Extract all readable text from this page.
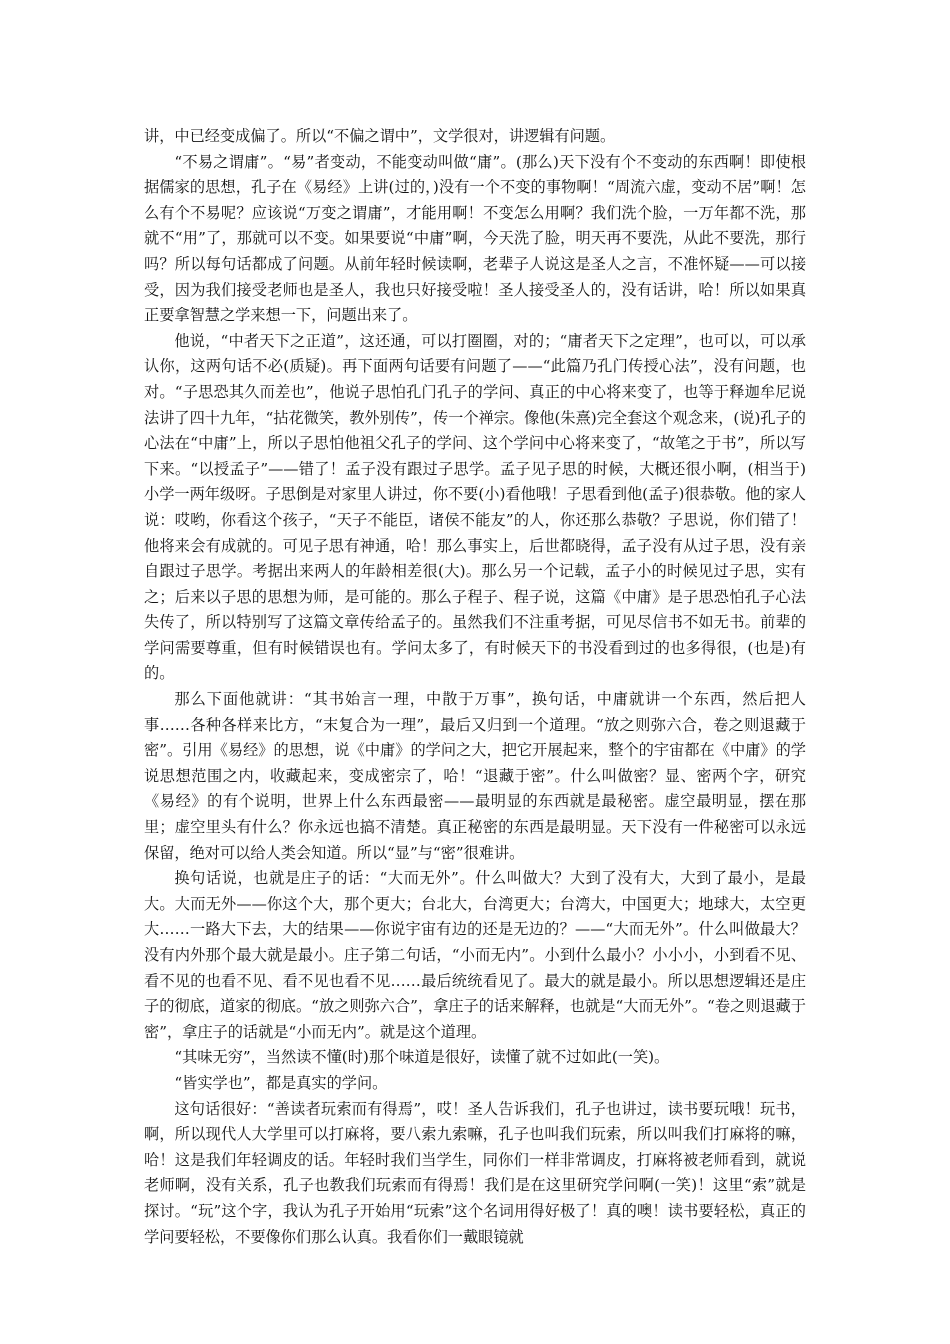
讲，中已经变成偏了。所以“不偏之谓中”，文学很对，讲逻辑有问题。

“不易之谓庸”。“易”者变动，不能变动叫做“庸”。(那么)天下没有个不变动的东西啊！即使根据儒家的思想，孔子在《易经》上讲(过的，)没有一个不变的事物啊！“周流六虚，变动不居”啊！怎么有个不易呢？应该说“万变之谓庸”，才能用啊！不变怎么用啊？我们洗个脸，一万年都不洗，那就不“用”了，那就可以不变。如果要说“中庸”啊，今天洗了脸，明天再不要洗，从此不要洗，那行吗？所以每句话都成了问题。从前年轻时候读啊，老辈子人说这是圣人之言，不准怀疑——可以接受，因为我们接受老师也是圣人，我也只好接受啦！圣人接受圣人的，没有话讲，哈！所以如果真正要拿智慧之学来想一下，问题出来了。

他说，“中者天下之正道”，这还通，可以打圈圈，对的；“庸者天下之定理”，也可以，可以承认你，这两句话不必(质疑)。再下面两句话要有问题了——“此篇乃孔门传授心法”，没有问题，也对。“子思恐其久而差也”，他说子思怕孔门孔子的学问、真正的中心将来变了，也等于释迦牟尼说法讲了四十九年，“拈花微笑，教外别传”，传一个禅宗。像他(朱熹)完全套这个观念来，(说)孔子的心法在“中庸”上，所以子思怕他祖父孔子的学问、这个学问中心将来变了，“故笔之于书”，所以写下来。“以授孟子”——错了！孟子没有跟过子思学。孟子见子思的时候，大概还很小啊，(相当于)小学一两年级呀。子思倒是对家里人讲过，你不要(小)看他哦！子思看到他(孟子)很恭敬。他的家人说：哎哟，你看这个孩子，“天子不能臣，诸侯不能友”的人，你还那么恭敬？子思说，你们错了！他将来会有成就的。可见子思有神通，哈！那么事实上，后世都晓得，孟子没有从过子思，没有亲自跟过子思学。考据出来两人的年龄相差很(大)。那么另一个记载，孟子小的时候见过子思，实有之；后来以子思的思想为师，是可能的。那么子程子、程子说，这篇《中庸》是子思恐怕孔子心法失传了，所以特别写了这篇文章传给孟子的。虽然我们不注重考据，可见尽信书不如无书。前辈的学问需要尊重，但有时候错误也有。学问太多了，有时候天下的书没看到过的也多得很，(也是)有的。

那么下面他就讲：“其书始言一理，中散于万事”，换句话，中庸就讲一个东西，然后把人事……各种各样来比方，“末复合为一理”，最后又归到一个道理。“放之则弥六合，卷之则退藏于密”。引用《易经》的思想，说《中庸》的学问之大，把它开展起来，整个的宇宙都在《中庸》的学说思想范围之内，收藏起来，变成密宗了，哈！“退藏于密”。什么叫做密？显、密两个字，研究《易经》的有个说明，世界上什么东西最密——最明显的东西就是最秘密。虚空最明显，摆在那里；虚空里头有什么？你永远也搞不清楚。真正秘密的东西是最明显。天下没有一件秘密可以永远保留，绝对可以给人类会知道。所以“显”与“密”很难讲。

换句话说，也就是庄子的话：“大而无外”。什么叫做大？大到了没有大，大到了最小，是最大。大而无外——你这个大，那个更大；台北大，台湾更大；台湾大，中国更大；地球大，太空更大……一路大下去，大的结果——你说宇宙有边的还是无边的？——“大而无外”。什么叫做最大？没有内外那个最大就是最小。庄子第二句话，“小而无内”。小到什么最小？小小小，小到看不见、看不见的也看不见、看不见也看不见……最后统统看见了。最大的就是最小。所以思想逻辑还是庄子的彻底，道家的彻底。“放之则弥六合”，拿庄子的话来解释，也就是“大而无外”。“卷之则退藏于密”，拿庄子的话就是“小而无内”。就是这个道理。

“其味无穷”，当然读不懂(时)那个味道是很好，读懂了就不过如此(一笑)。

“皆实学也”，都是真实的学问。

这句话很好：“善读者玩索而有得焉”，哎！圣人告诉我们，孔子也讲过，读书要玩哦！玩书，啊，所以现代人大学里可以打麻将，要八索九索嘛，孔子也叫我们玩索，所以叫我们打麻将的嘛，哈！这是我们年轻调皮的话。年轻时我们当学生，同你们一样非常调皮，打麻将被老师看到，就说老师啊，没有关系，孔子也教我们玩索而有得焉！我们是在这里研究学问啊(一笑)！这里“索”就是探讨。“玩”这个字，我认为孔子开始用“玩索”这个名词用得好极了！真的噢！读书要轻松，真正的学问要轻松，不要像你们那么认真。我看你们一戴眼镜就
